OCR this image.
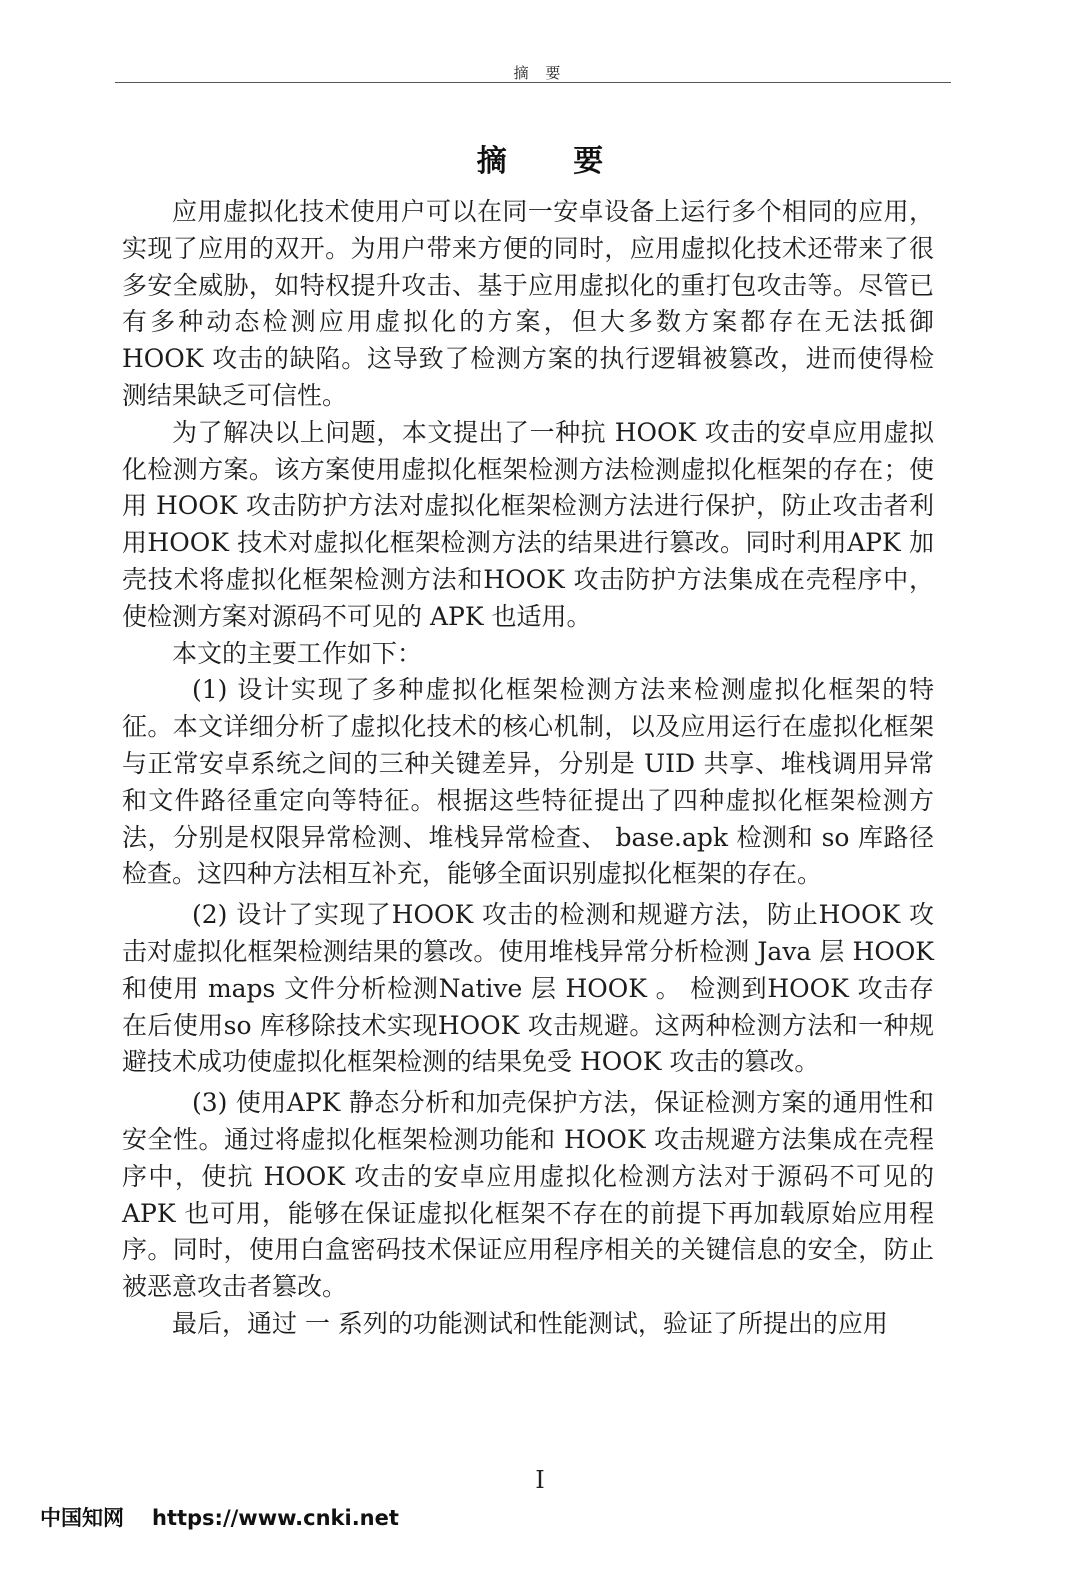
摘 要
摘 要

应用虚拟化技术使用户可以在同一安卓设备上运行多个相同的应用，实现了应用的双开。为用户带来方便的同时，应用虚拟化技术还带来了很多安全威胁，如特权提升攻击、基于应用虚拟化的重打包攻击等。尽管已有多种动态检测应用虚拟化的方案，但大多数方案都存在无法抵御 HOOK 攻击的缺陷。这导致了检测方案的执行逻辑被篡改，进而使得检测结果缺乏可信性。

为了解决以上问题，本文提出了一种抗 HOOK 攻击的安卓应用虚拟化检测方案。该方案使用虚拟化框架检测方法检测虚拟化框架的存在；使用 HOOK 攻击防护方法对虚拟化框架检测方法进行保护，防止攻击者利用HOOK 技术对虚拟化框架检测方法的结果进行篡改。同时利用APK 加壳技术将虚拟化框架检测方法和HOOK 攻击防护方法集成在壳程序中，使检测方案对源码不可见的 APK 也适用。

本文的主要工作如下：

(1) 设计实现了多种虚拟化框架检测方法来检测虚拟化框架的特征。本文详细分析了虚拟化技术的核心机制，以及应用运行在虚拟化框架与正常安卓系统之间的三种关键差异，分别是 UID 共享、堆栈调用异常和文件路径重定向等特征。根据这些特征提出了四种虚拟化框架检测方法，分别是权限异常检测、堆栈异常检查、 base.apk 检测和 so 库路径检查。这四种方法相互补充，能够全面识别虚拟化框架的存在。

(2) 设计了实现了HOOK 攻击的检测和规避方法，防止HOOK 攻击对虚拟化框架检测结果的篡改。使用堆栈异常分析检测 Java 层 HOOK 和使用 maps 文件分析检测Native 层 HOOK 。 检测到HOOK 攻击存在后使用so 库移除技术实现HOOK 攻击规避。这两种检测方法和一种规避技术成功使虚拟化框架检测的结果免受 HOOK 攻击的篡改。

(3) 使用APK 静态分析和加壳保护方法，保证检测方案的通用性和安全性。通过将虚拟化框架检测功能和 HOOK 攻击规避方法集成在壳程序中，使抗 HOOK 攻击的安卓应用虚拟化检测方法对于源码不可见的 APK 也可用，能够在保证虚拟化框架不存在的前提下再加载原始应用程序。同时，使用白盒密码技术保证应用程序相关的关键信息的安全，防止被恶意攻击者篡改。

最后，通过 一 系列的功能测试和性能测试，验证了所提出的应用

I
中国知网 https://www.cnki.net
